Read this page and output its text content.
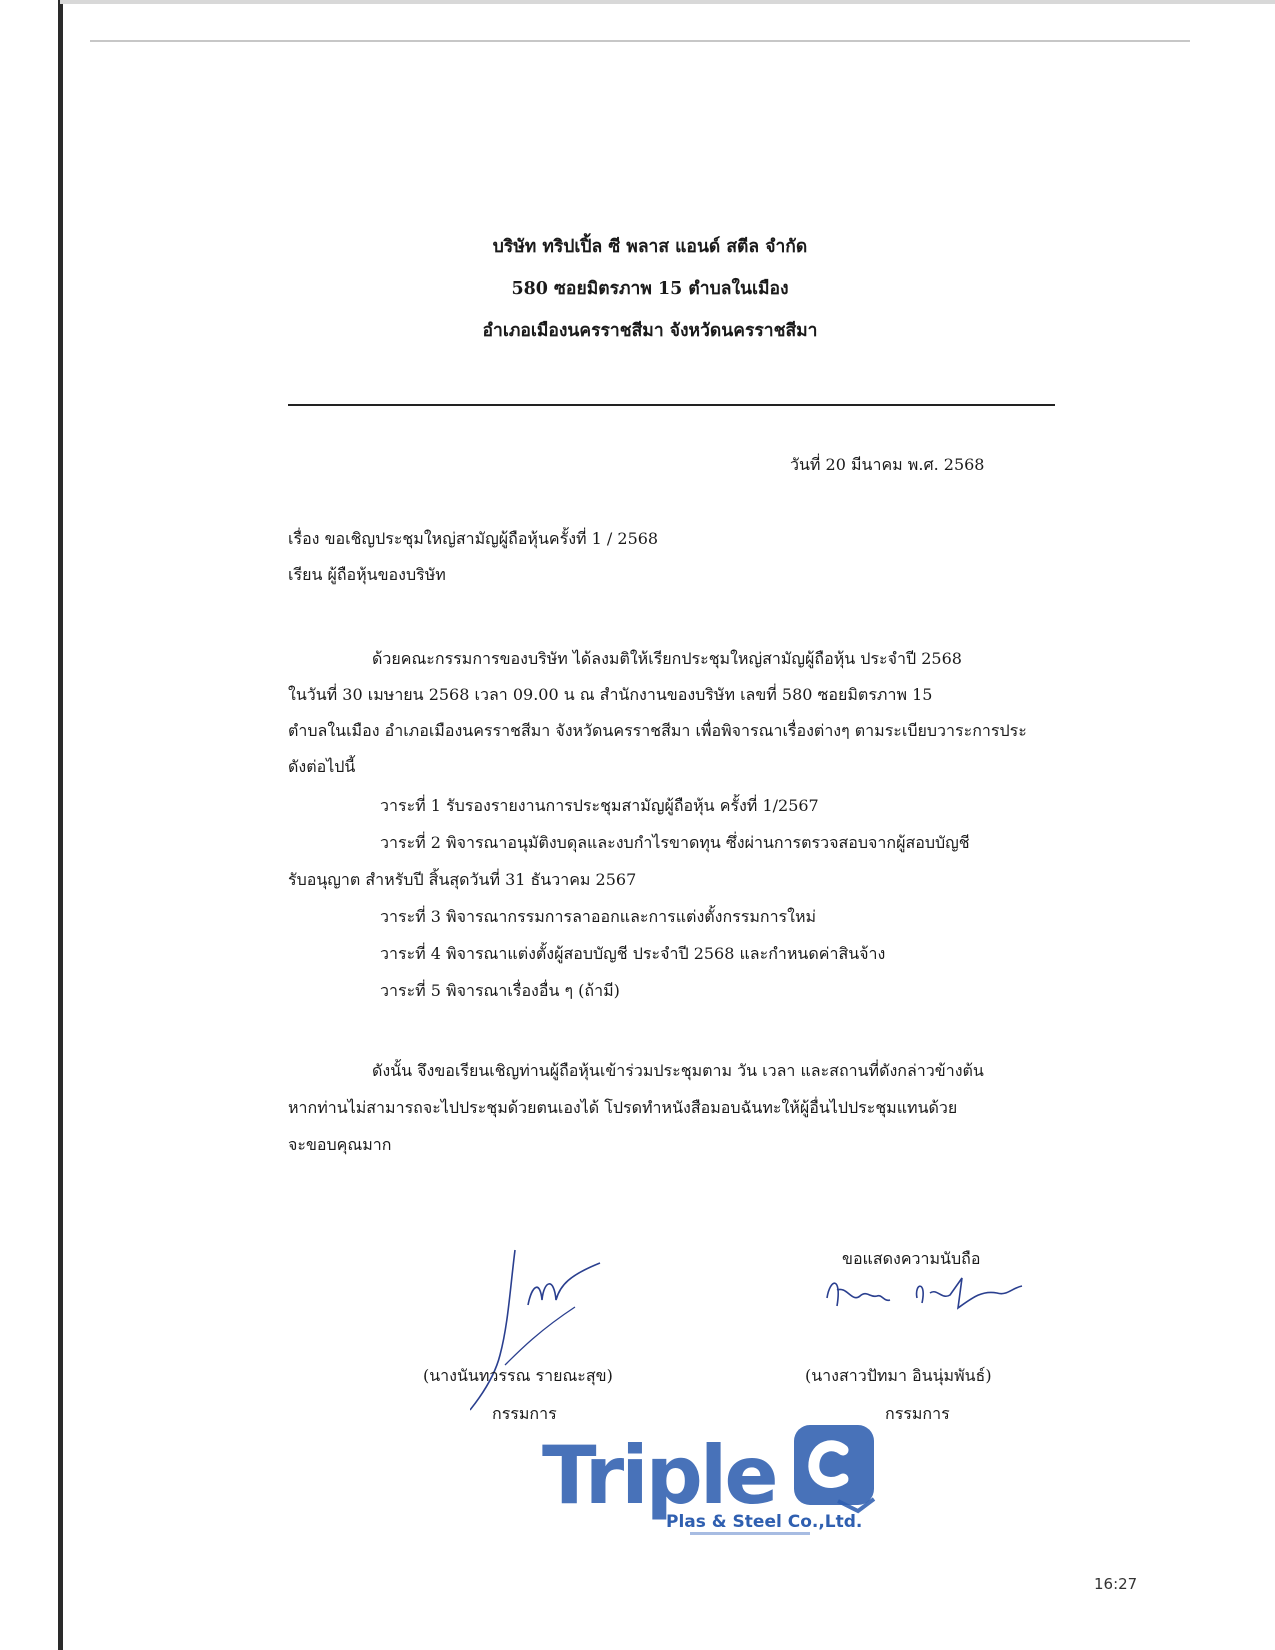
บริษัท ทริปเปิ้ล ซี พลาส แอนด์ สตีล จำกัด
580 ซอยมิตรภาพ 15 ตำบลในเมือง
อำเภอเมืองนครราชสีมา จังหวัดนครราชสีมา
วันที่ 20 มีนาคม พ.ศ. 2568
เรื่อง ขอเชิญประชุมใหญ่สามัญผู้ถือหุ้นครั้งที่ 1 / 2568
เรียน ผู้ถือหุ้นของบริษัท
ด้วยคณะกรรมการของบริษัท ได้ลงมติให้เรียกประชุมใหญ่สามัญผู้ถือหุ้น ประจำปี 2568
ในวันที่ 30 เมษายน 2568 เวลา 09.00 น ณ สำนักงานของบริษัท เลขที่ 580 ซอยมิตรภาพ 15
ตำบลในเมือง อำเภอเมืองนครราชสีมา จังหวัดนครราชสีมา เพื่อพิจารณาเรื่องต่างๆ ตามระเบียบวาระการประ
ดังต่อไปนี้
วาระที่ 1 รับรองรายงานการประชุมสามัญผู้ถือหุ้น ครั้งที่ 1/2567
วาระที่ 2 พิจารณาอนุมัติงบดุลและงบกำไรขาดทุน ซึ่งผ่านการตรวจสอบจากผู้สอบบัญชี
รับอนุญาต สำหรับปี สิ้นสุดวันที่ 31 ธันวาคม 2567
วาระที่ 3 พิจารณากรรมการลาออกและการแต่งตั้งกรรมการใหม่
วาระที่ 4 พิจารณาแต่งตั้งผู้สอบบัญชี ประจำปี 2568 และกำหนดค่าสินจ้าง
วาระที่ 5 พิจารณาเรื่องอื่น ๆ (ถ้ามี)
ดังนั้น จึงขอเรียนเชิญท่านผู้ถือหุ้นเข้าร่วมประชุมตาม วัน เวลา และสถานที่ดังกล่าวข้างต้น
หากท่านไม่สามารถจะไปประชุมด้วยตนเองได้ โปรดทำหนังสือมอบฉันทะให้ผู้อื่นไปประชุมแทนด้วย
จะขอบคุณมาก
ขอแสดงความนับถือ
(นางนันทวรรณ รายณะสุข)
กรรมการ
(นางสาวปัทมา อินนุ่มพันธ์)
กรรมการ
Triple
Plas & Steel Co.,Ltd.
16:27
